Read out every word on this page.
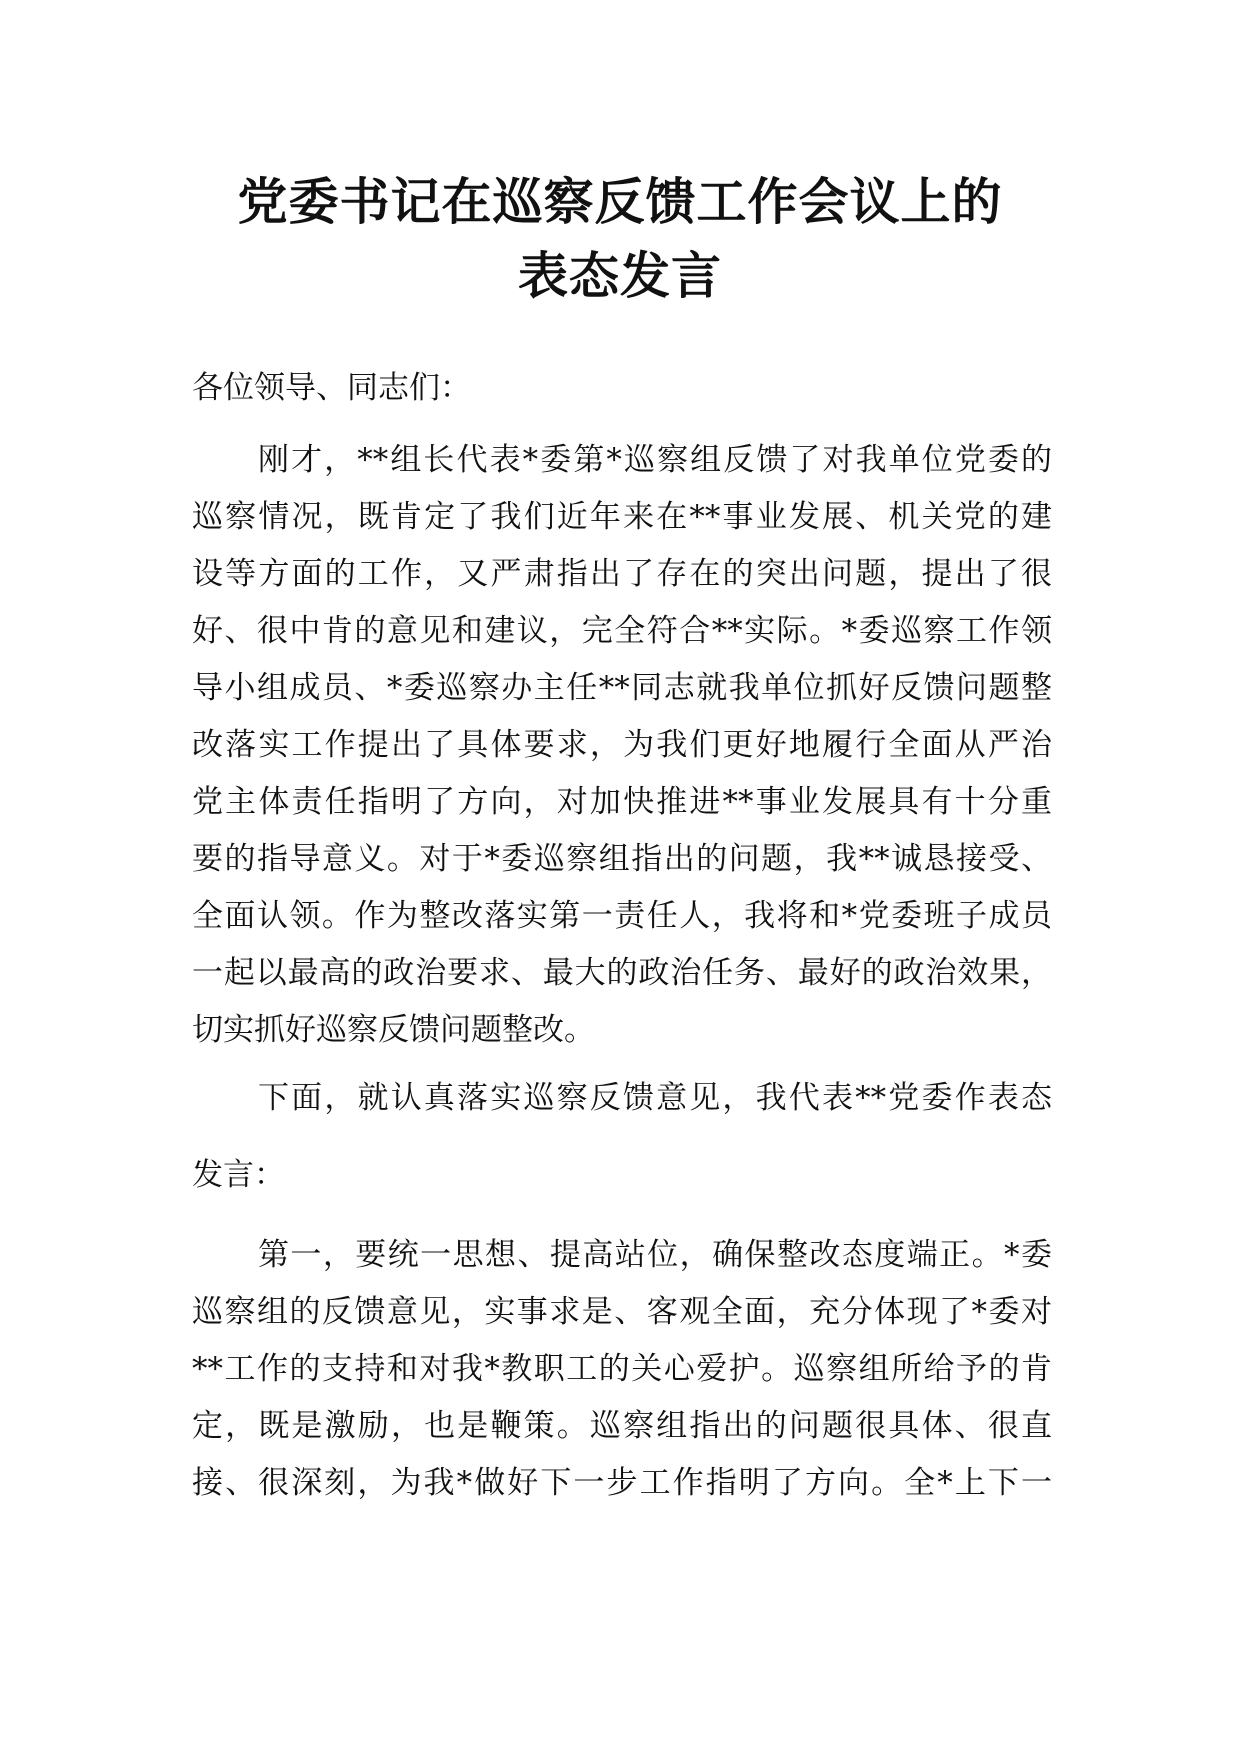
党委书记在巡察反馈工作会议上的
表态发言
各位领导、同志们：
刚才，**组长代表*委第*巡察组反馈了对我单位党委的
巡察情况，既肯定了我们近年来在**事业发展、机关党的建
设等方面的工作，又严肃指出了存在的突出问题，提出了很
好、很中肯的意见和建议，完全符合**实际。*委巡察工作领
导小组成员、*委巡察办主任**同志就我单位抓好反馈问题整
改落实工作提出了具体要求，为我们更好地履行全面从严治
党主体责任指明了方向，对加快推进**事业发展具有十分重
要的指导意义。对于*委巡察组指出的问题，我**诚恳接受、
全面认领。作为整改落实第一责任人，我将和*党委班子成员
一起以最高的政治要求、最大的政治任务、最好的政治效果，
切实抓好巡察反馈问题整改。
下面，就认真落实巡察反馈意见，我代表**党委作表态
发言：
第一，要统一思想、提高站位，确保整改态度端正。*委
巡察组的反馈意见，实事求是、客观全面，充分体现了*委对
**工作的支持和对我*教职工的关心爱护。巡察组所给予的肯
定，既是激励，也是鞭策。巡察组指出的问题很具体、很直
接、很深刻，为我*做好下一步工作指明了方向。全*上下一
